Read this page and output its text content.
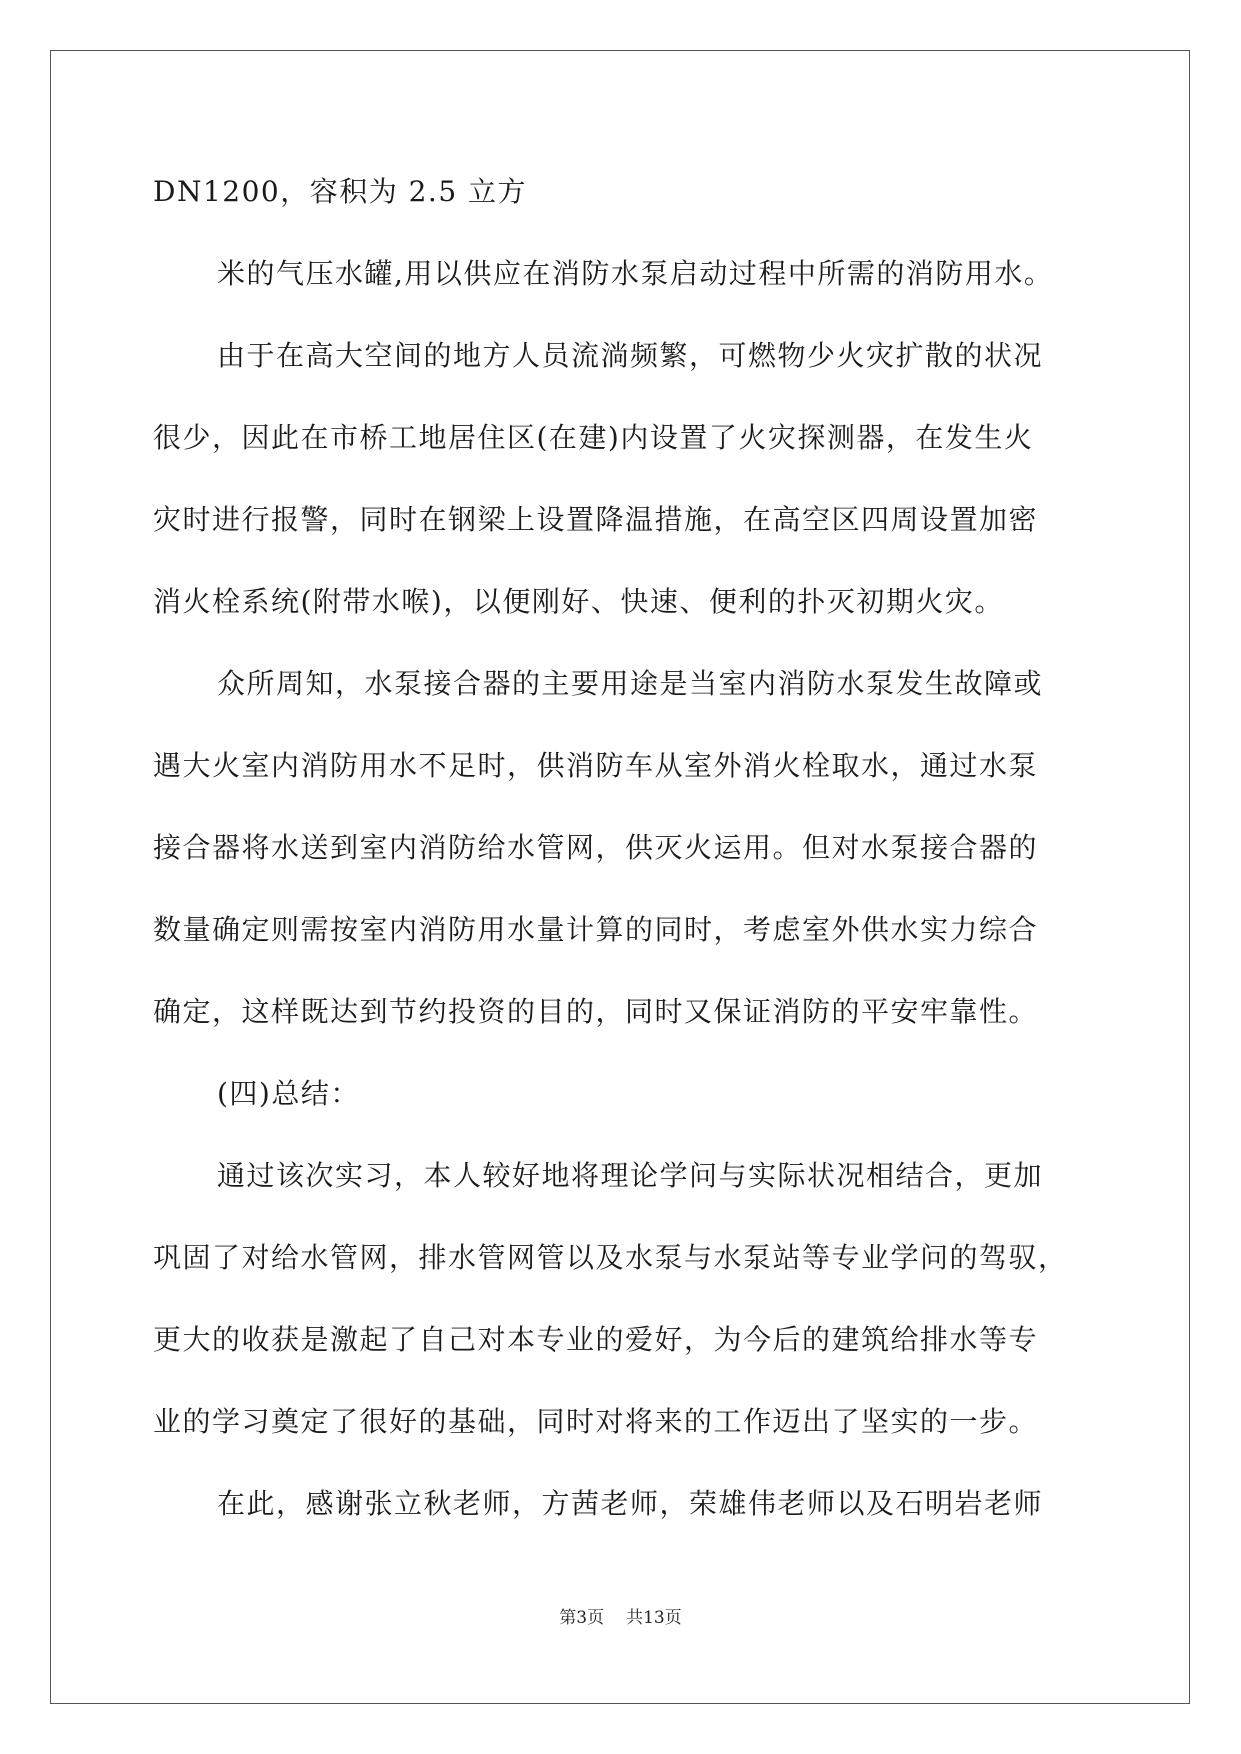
DN1200，容积为 2.5 立方
米的气压水罐,用以供应在消防水泵启动过程中所需的消防用水。
由于在高大空间的地方人员流淌频繁，可燃物少火灾扩散的状况
很少，因此在市桥工地居住区(在建)内设置了火灾探测器，在发生火
灾时进行报警，同时在钢梁上设置降温措施，在高空区四周设置加密
消火栓系统(附带水喉)，以便刚好、快速、便利的扑灭初期火灾。
众所周知，水泵接合器的主要用途是当室内消防水泵发生故障或
遇大火室内消防用水不足时，供消防车从室外消火栓取水，通过水泵
接合器将水送到室内消防给水管网，供灭火运用。但对水泵接合器的
数量确定则需按室内消防用水量计算的同时，考虑室外供水实力综合
确定，这样既达到节约投资的目的，同时又保证消防的平安牢靠性。
(四)总结：
通过该次实习，本人较好地将理论学问与实际状况相结合，更加
巩固了对给水管网，排水管网管以及水泵与水泵站等专业学问的驾驭，
更大的收获是激起了自己对本专业的爱好，为今后的建筑给排水等专
业的学习奠定了很好的基础，同时对将来的工作迈出了坚实的一步。
在此，感谢张立秋老师，方茜老师，荣雄伟老师以及石明岩老师
第3页 共13页
